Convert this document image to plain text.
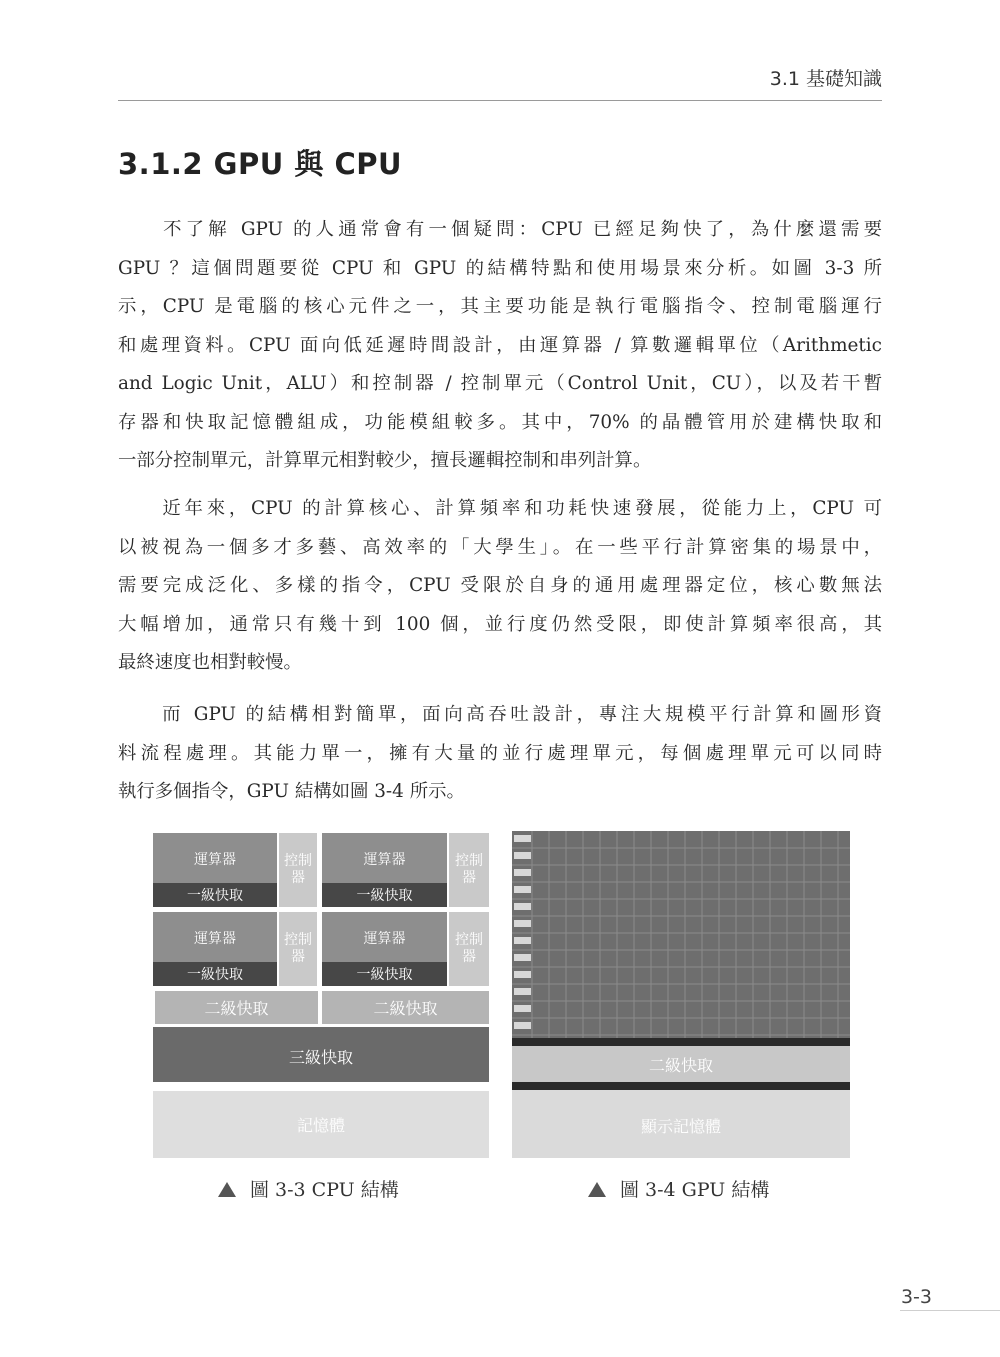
3.1 基礎知識
3.1.2 GPU 與 CPU
　　不了解 GPU 的人通常會有一個疑問：CPU 已經足夠快了，為什麼還需要
GPU ？這個問題要從 CPU 和 GPU 的結構特點和使用場景來分析。如圖 3-3 所
示，CPU 是電腦的核心元件之一，其主要功能是執行電腦指令、控制電腦運行
和處理資料。CPU 面向低延遲時間設計，由運算器 / 算數邏輯單位（Arithmetic
and Logic Unit，ALU）和控制器 / 控制單元（Control Unit，CU），以及若干暫
存器和快取記憶體組成，功能模組較多。其中，70% 的晶體管用於建構快取和
一部分控制單元，計算單元相對較少，擅長邏輯控制和串列計算。
　　近年來，CPU 的計算核心、計算頻率和功耗快速發展，從能力上，CPU 可
以被視為一個多才多藝、高效率的「大學生」。在一些平行計算密集的場景中，
需要完成泛化、多樣的指令，CPU 受限於自身的通用處理器定位，核心數無法
大幅增加，通常只有幾十到 100 個，並行度仍然受限，即使計算頻率很高，其
最終速度也相對較慢。
　　而 GPU 的結構相對簡單，面向高吞吐設計，專注大規模平行計算和圖形資
料流程處理。其能力單一，擁有大量的並行處理單元，每個處理單元可以同時
執行多個指令，GPU 結構如圖 3-4 所示。
運算器	控制器
一級快取
運算器	控制器
一級快取
運算器	控制器
一級快取
運算器	控制器
一級快取
二級快取	二級快取
三級快取
記憶體
圖 3-3 CPU 結構
二級快取
顯示記憶體
圖 3-4 GPU 結構
3-3
